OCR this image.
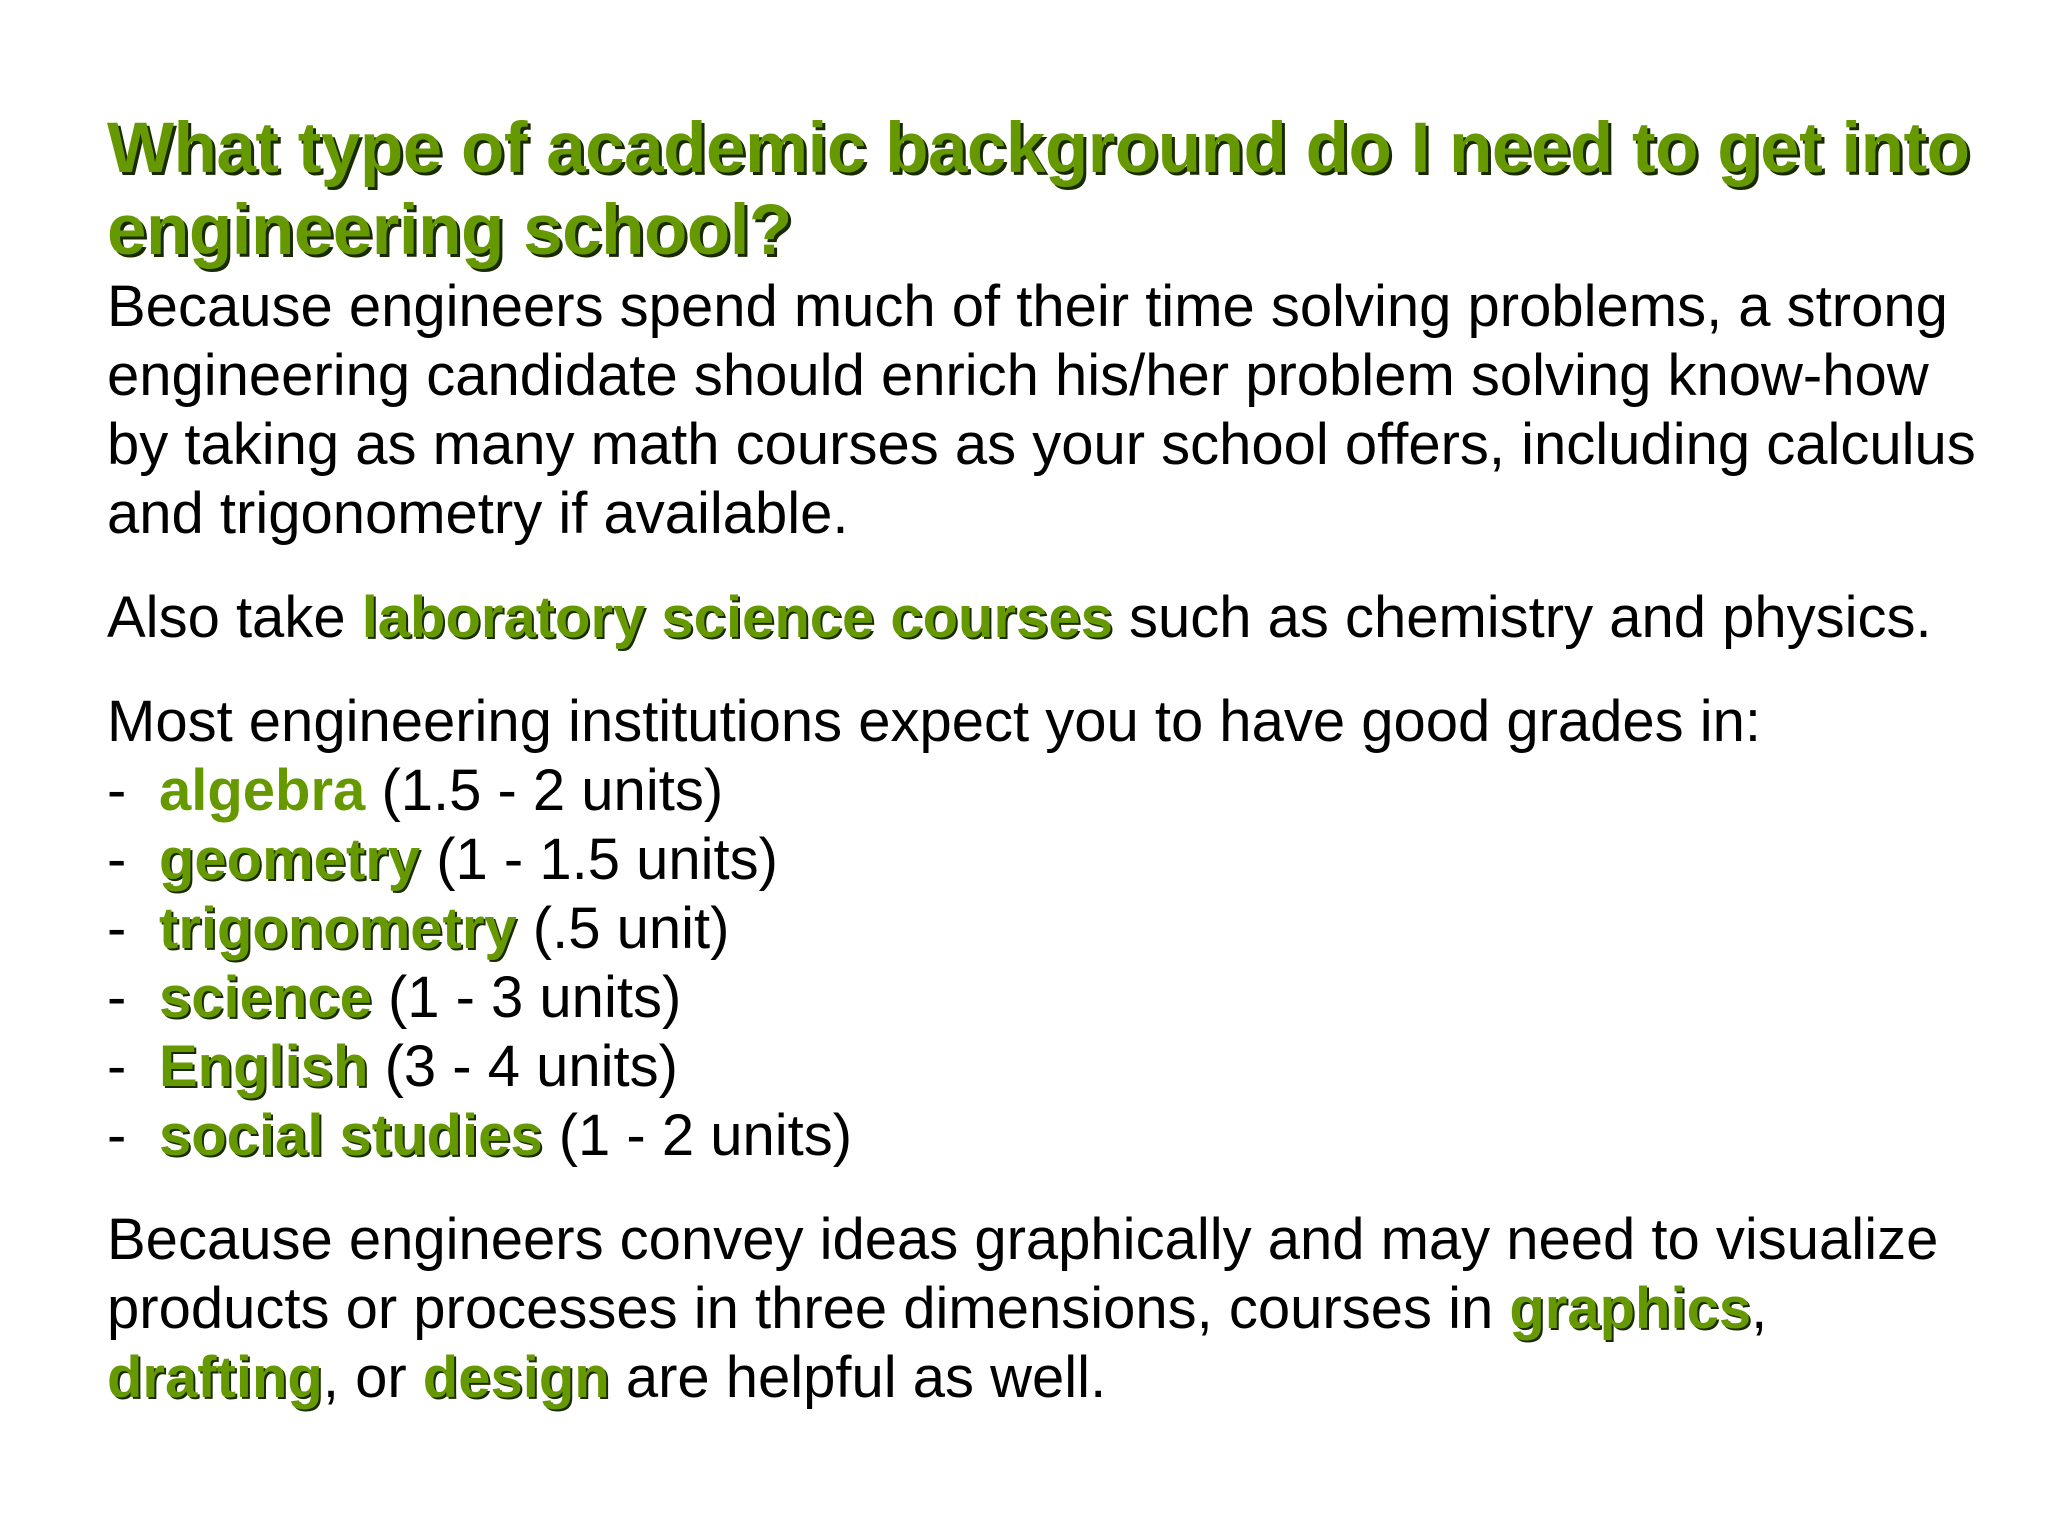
What type of academic background do I need to get into engineering school?

Because engineers spend much of their time solving problems, a strong engineering candidate should enrich his/her problem solving know-how by taking as many math courses as your school offers, including calculus and trigonometry if available.

Also take laboratory science courses such as chemistry and physics.

Most engineering institutions expect you to have good grades in:

- algebra (1.5 - 2 units)
- geometry (1 - 1.5 units)
- trigonometry (.5 unit)
- science (1 - 3 units)
- English (3 - 4 units)
- social studies (1 - 2 units)

Because engineers convey ideas graphically and may need to visualize products or processes in three dimensions, courses in graphics, drafting, or design are helpful as well.
